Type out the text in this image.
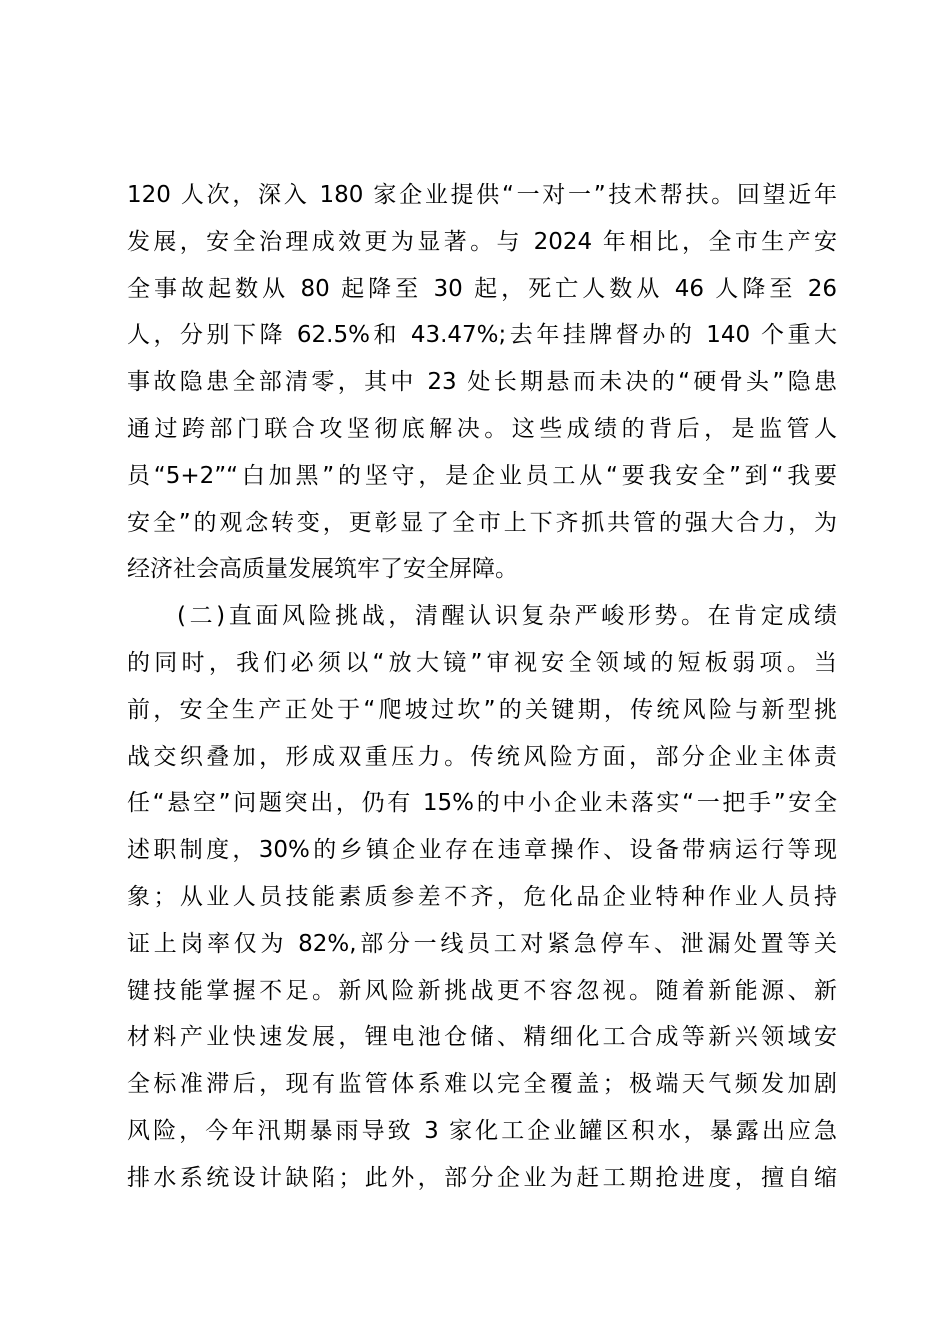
120 人次，深入 180 家企业提供“一对一”技术帮扶。回望近年
发展，安全治理成效更为显著。与 2024 年相比，全市生产安
全事故起数从 80 起降至 30 起，死亡人数从 46 人降至 26
人，分别下降 62.5%和 43.47%;去年挂牌督办的 140 个重大
事故隐患全部清零，其中 23 处长期悬而未决的“硬骨头”隐患
通过跨部门联合攻坚彻底解决。这些成绩的背后，是监管人
员“5+2”“白加黑”的坚守，是企业员工从“要我安全”到“我要
安全”的观念转变，更彰显了全市上下齐抓共管的强大合力，为
经济社会高质量发展筑牢了安全屏障。
(二)直面风险挑战，清醒认识复杂严峻形势。在肯定成绩
的同时，我们必须以“放大镜”审视安全领域的短板弱项。当
前，安全生产正处于“爬坡过坎”的关键期，传统风险与新型挑
战交织叠加，形成双重压力。传统风险方面，部分企业主体责
任“悬空”问题突出，仍有 15%的中小企业未落实“一把手”安全
述职制度，30%的乡镇企业存在违章操作、设备带病运行等现
象；从业人员技能素质参差不齐，危化品企业特种作业人员持
证上岗率仅为 82%,部分一线员工对紧急停车、泄漏处置等关
键技能掌握不足。新风险新挑战更不容忽视。随着新能源、新
材料产业快速发展，锂电池仓储、精细化工合成等新兴领域安
全标准滞后，现有监管体系难以完全覆盖；极端天气频发加剧
风险，今年汛期暴雨导致 3 家化工企业罐区积水，暴露出应急
排水系统设计缺陷；此外，部分企业为赶工期抢进度，擅自缩
